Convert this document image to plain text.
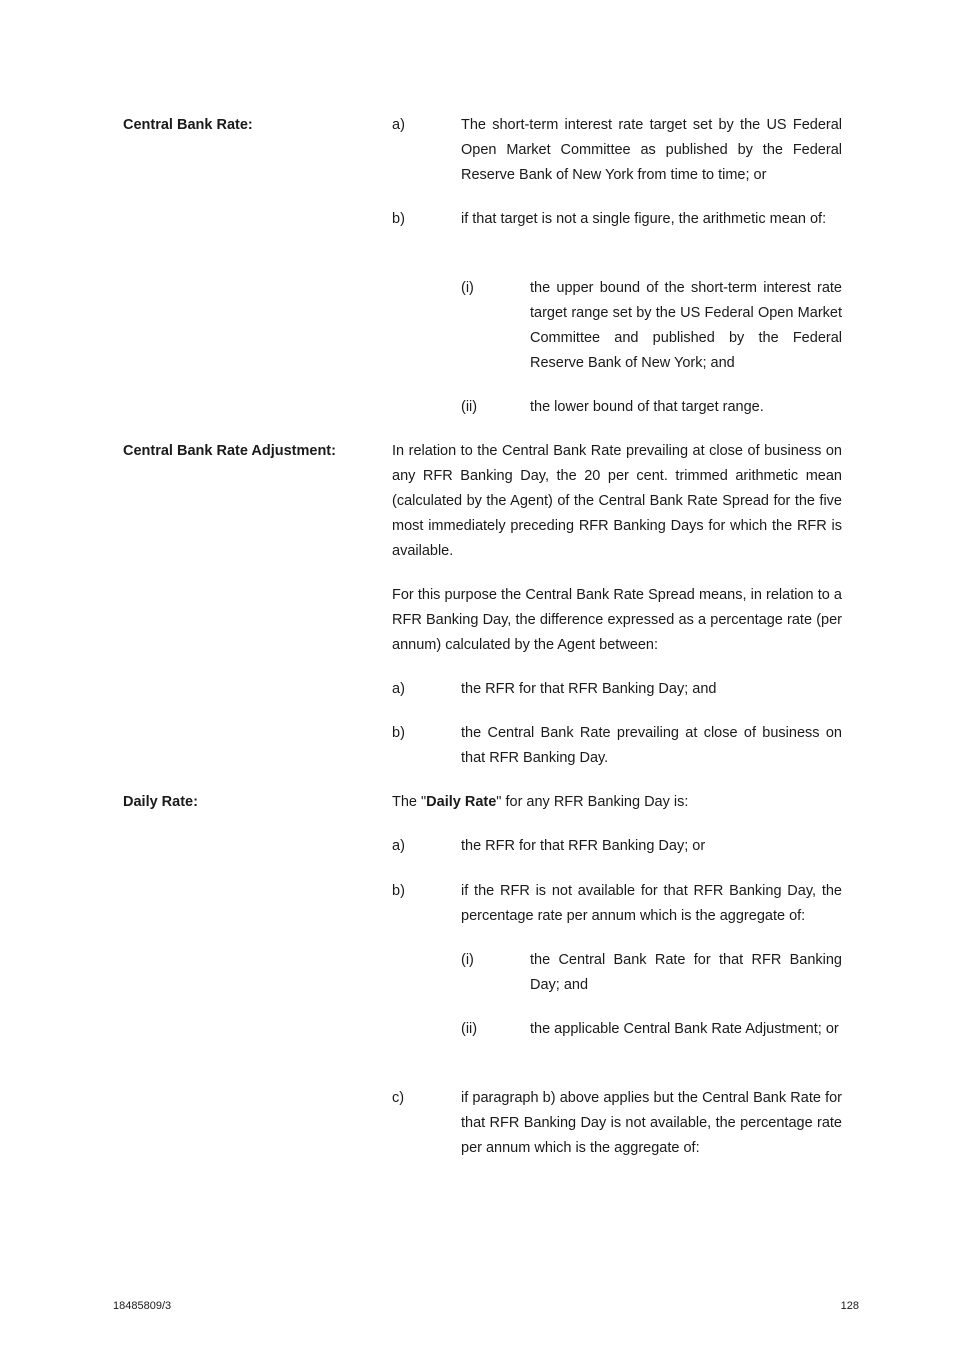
Central Bank Rate:	a)	The short-term interest rate target set by the US Federal Open Market Committee as published by the Federal Reserve Bank of New York from time to time; or
b)	if that target is not a single figure, the arithmetic mean of:
(i)	the upper bound of the short-term interest rate target range set by the US Federal Open Market Committee and published by the Federal Reserve Bank of New York; and
(ii)	the lower bound of that target range.
Central Bank Rate Adjustment:	In relation to the Central Bank Rate prevailing at close of business on any RFR Banking Day, the 20 per cent. trimmed arithmetic mean (calculated by the Agent) of the Central Bank Rate Spread for the five most immediately preceding RFR Banking Days for which the RFR is available.
For this purpose the Central Bank Rate Spread means, in relation to a RFR Banking Day, the difference expressed as a percentage rate (per annum) calculated by the Agent between:
a)	the RFR for that RFR Banking Day; and
b)	the Central Bank Rate prevailing at close of business on that RFR Banking Day.
Daily Rate:	The "Daily Rate" for any RFR Banking Day is:
a)	the RFR for that RFR Banking Day; or
b)	if the RFR is not available for that RFR Banking Day, the percentage rate per annum which is the aggregate of:
(i)	the Central Bank Rate for that RFR Banking Day; and
(ii)	the applicable Central Bank Rate Adjustment; or
c)	if paragraph b) above applies but the Central Bank Rate for that RFR Banking Day is not available, the percentage rate per annum which is the aggregate of:
18485809/3	128
